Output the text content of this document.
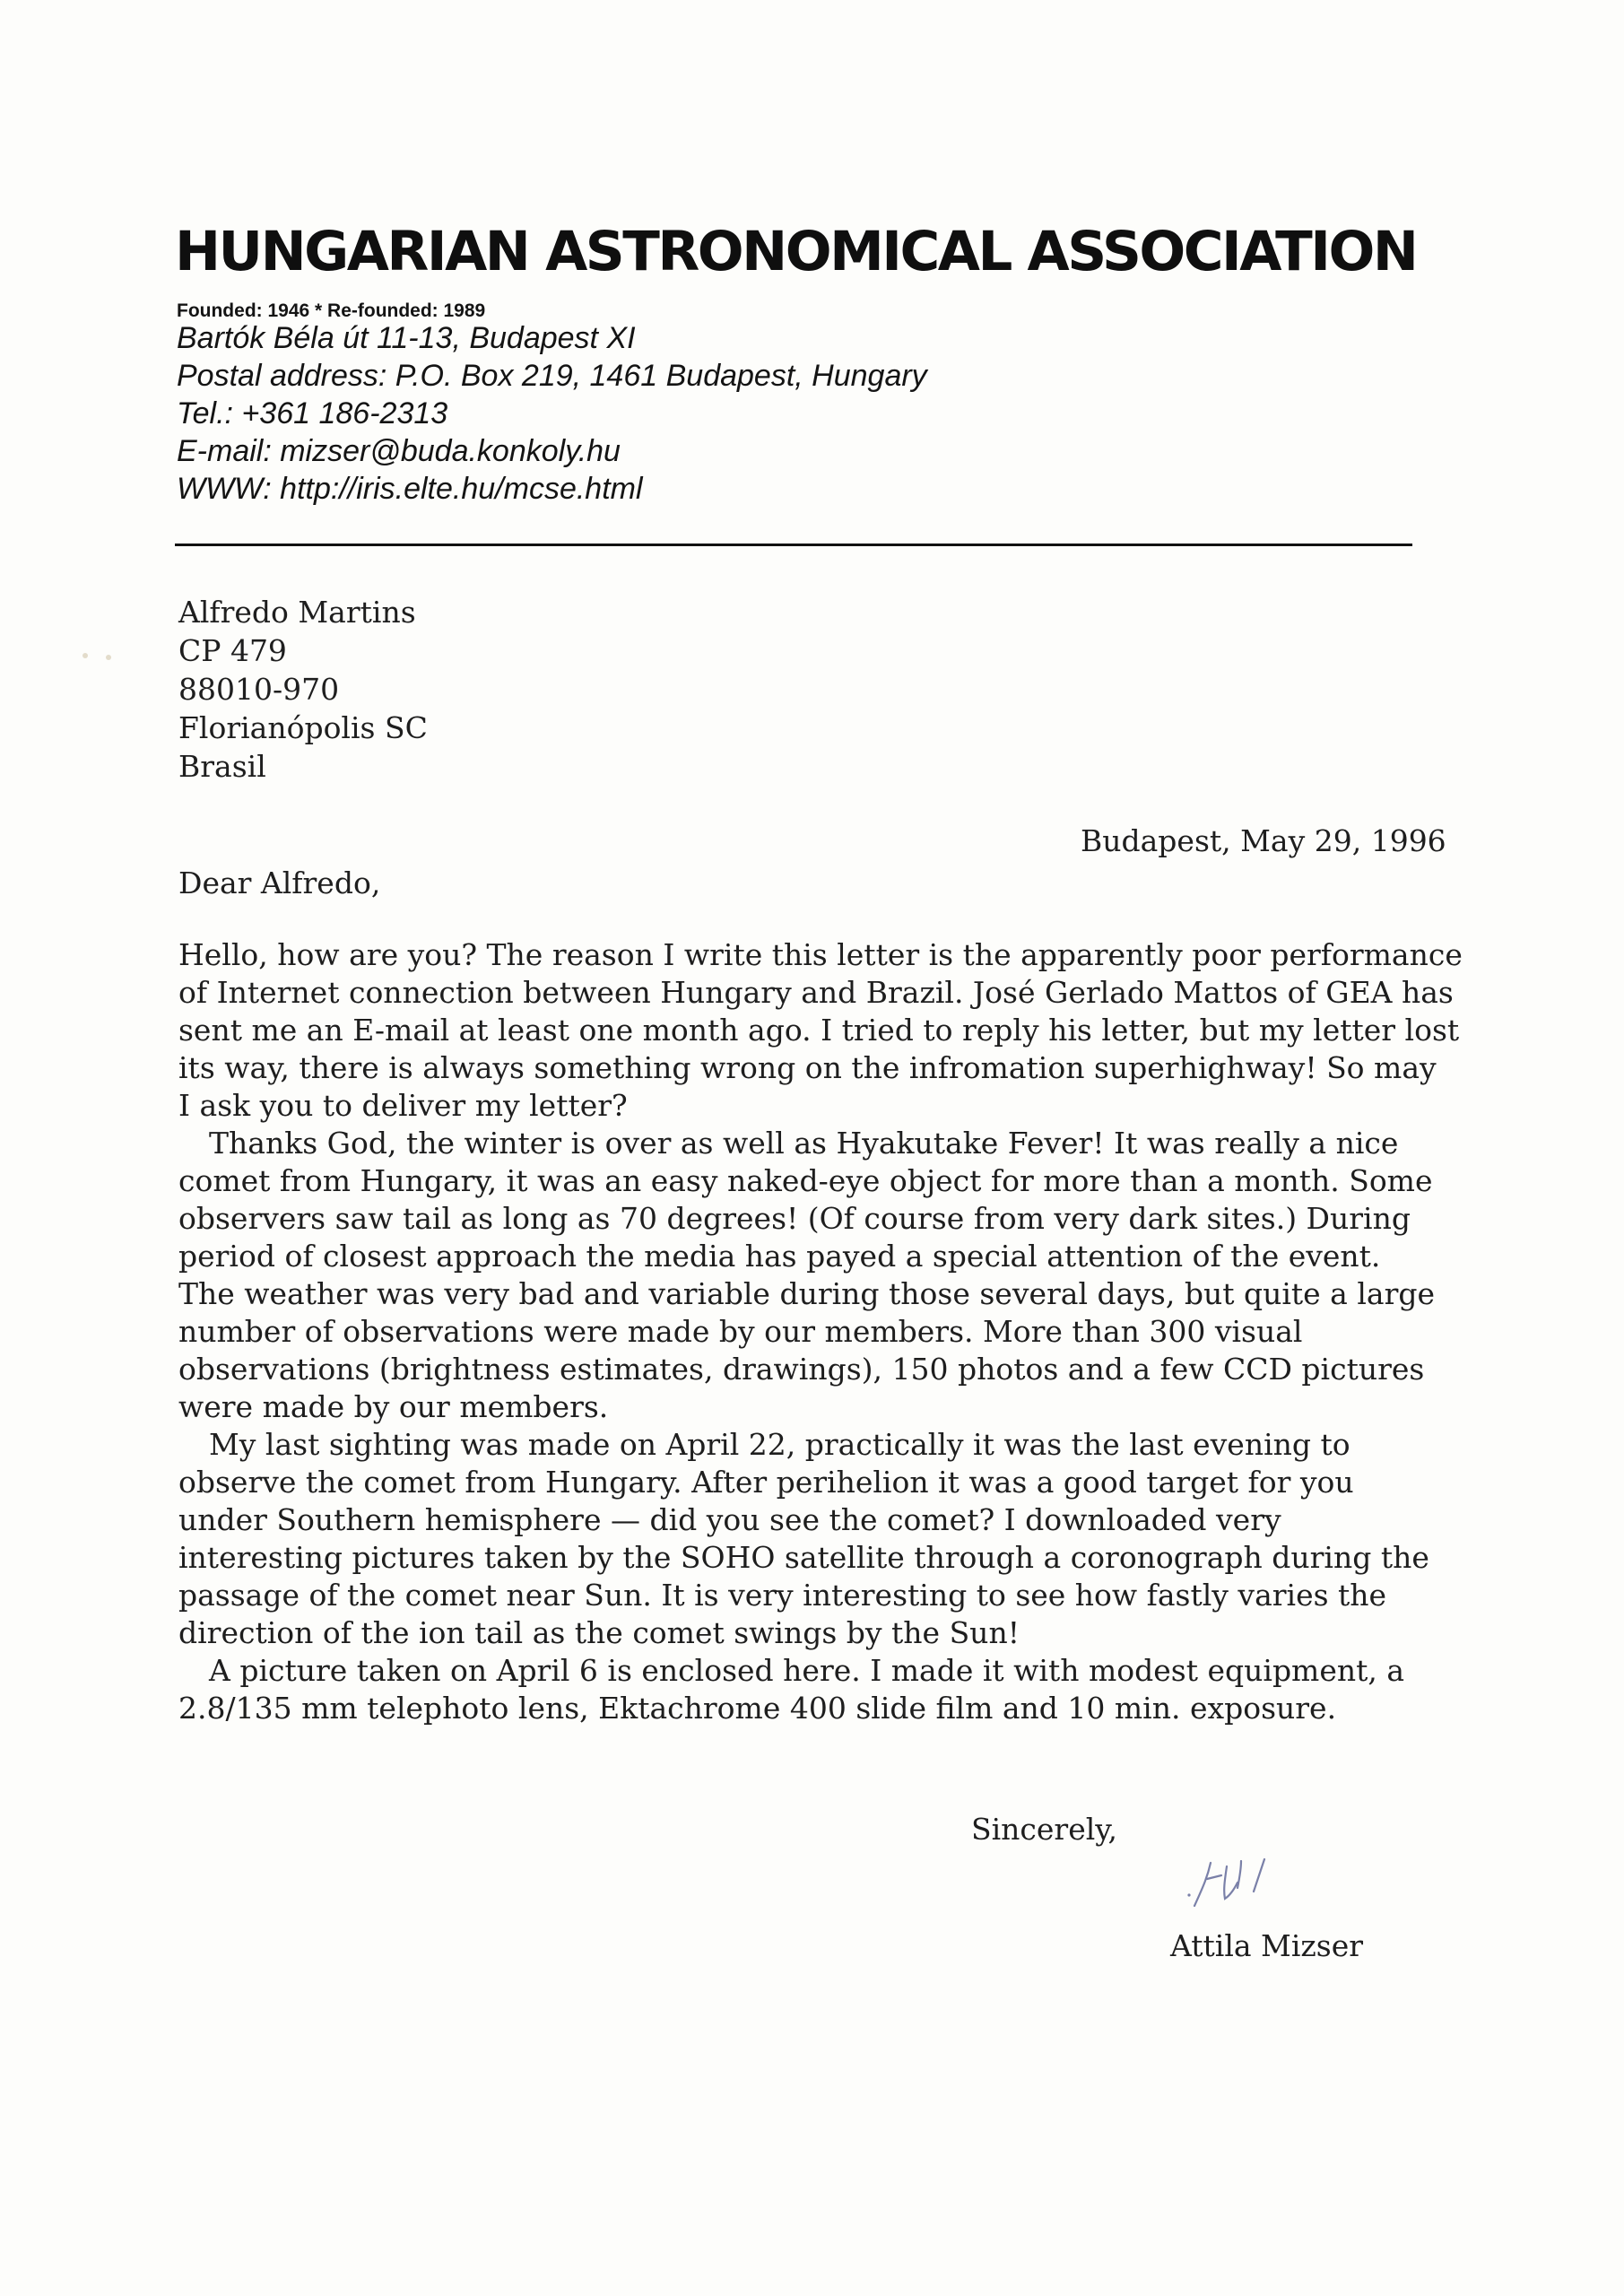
HUNGARIAN ASTRONOMICAL ASSOCIATION
Founded: 1946 * Re-founded: 1989
Bartók Béla út 11-13, Budapest XI
Postal address: P.O. Box 219, 1461 Budapest, Hungary
Tel.: +361 186-2313
E-mail: mizser@buda.konkoly.hu
WWW: http://iris.elte.hu/mcse.html
Alfredo Martins
CP 479
88010-970
Florianópolis SC
Brasil
Budapest, May 29, 1996
Dear Alfredo,
Hello, how are you? The reason I write this letter is the apparently poor performance
of Internet connection between Hungary and Brazil. José Gerlado Mattos of GEA has
sent me an E-mail at least one month ago. I tried to reply his letter, but my letter lost
its way, there is always something wrong on the infromation superhighway! So may
I ask you to deliver my letter?
Thanks God, the winter is over as well as Hyakutake Fever! It was really a nice
comet from Hungary, it was an easy naked-eye object for more than a month. Some
observers saw tail as long as 70 degrees! (Of course from very dark sites.) During
period of closest approach the media has payed a special attention of the event.
The weather was very bad and variable during those several days, but quite a large
number of observations were made by our members. More than 300 visual
observations (brightness estimates, drawings), 150 photos and a few CCD pictures
were made by our members.
My last sighting was made on April 22, practically it was the last evening to
observe the comet from Hungary. After perihelion it was a good target for you
under Southern hemisphere — did you see the comet? I downloaded very
interesting pictures taken by the SOHO satellite through a coronograph during the
passage of the comet near Sun. It is very interesting to see how fastly varies the
direction of the ion tail as the comet swings by the Sun!
A picture taken on April 6 is enclosed here. I made it with modest equipment, a
2.8/135 mm telephoto lens, Ektachrome 400 slide film and 10 min. exposure.
Sincerely,
Attila Mizser
